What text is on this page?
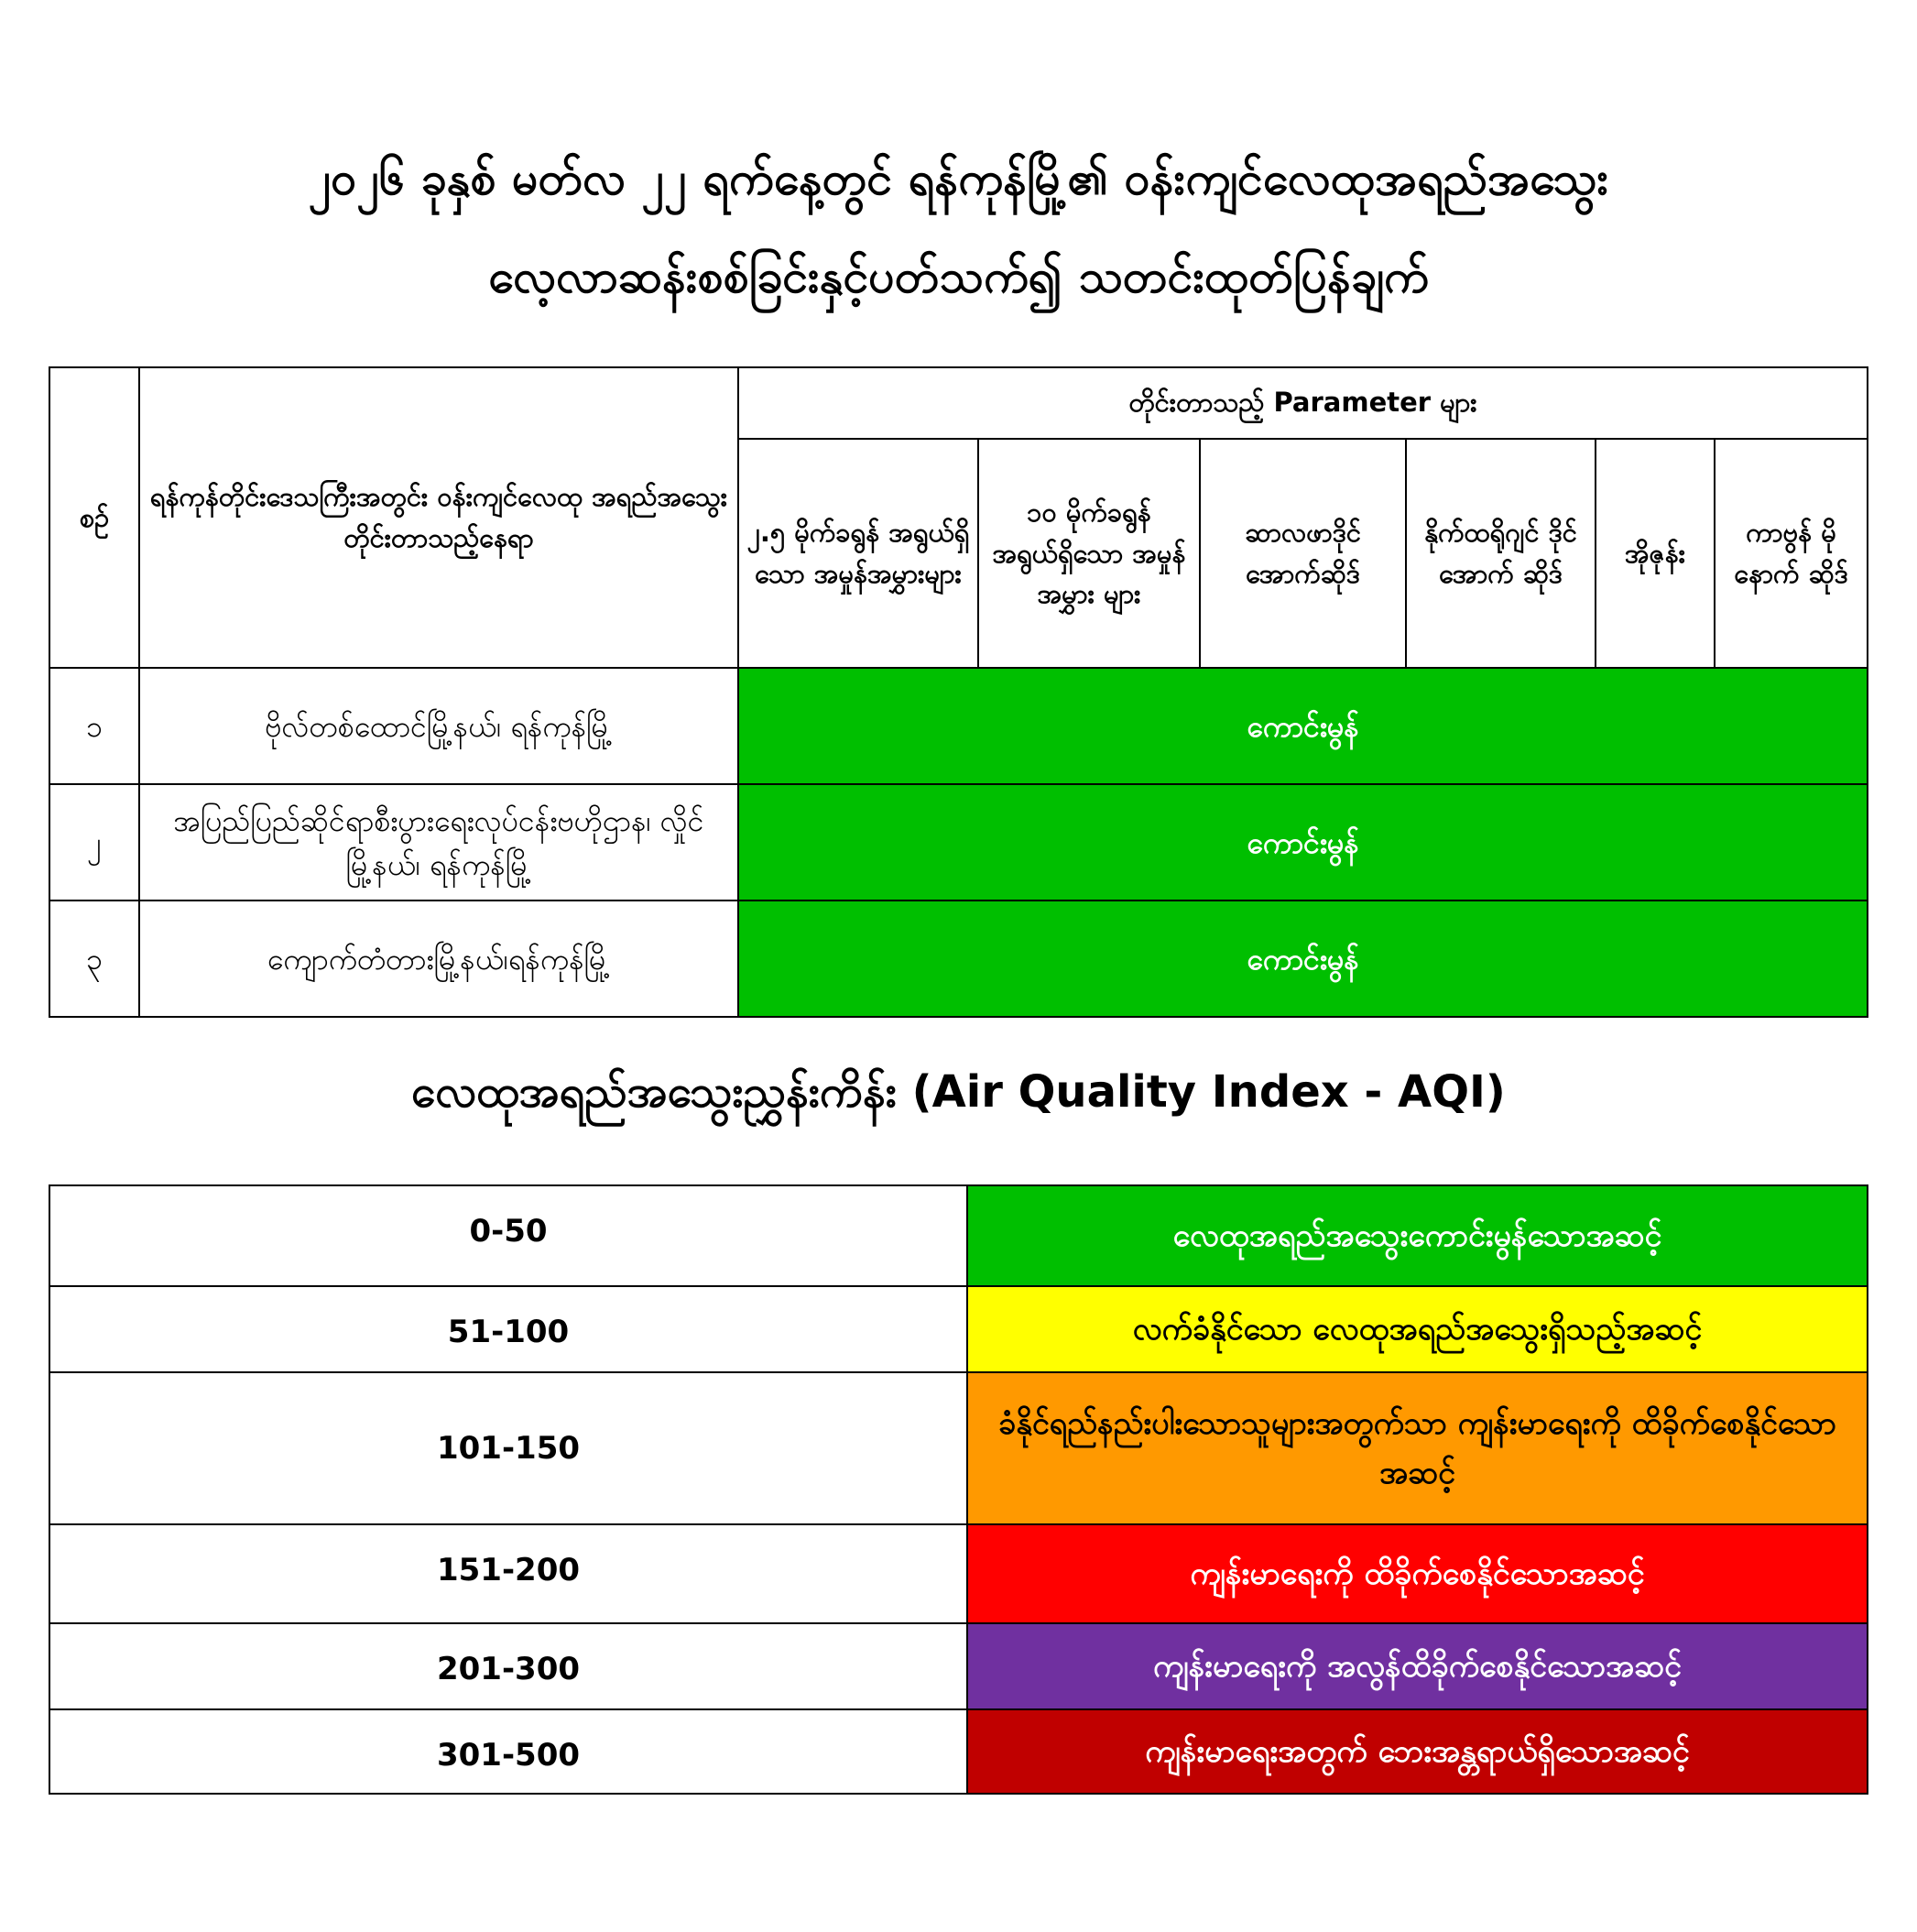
၂၀၂၆ ခုနှစ် မတ်လ ၂၂ ရက်နေ့တွင် ရန်ကုန်မြို့၏ ဝန်းကျင်လေထုအရည်အသွေး
လေ့လာဆန်းစစ်ခြင်းနှင့်ပတ်သက်၍ သတင်းထုတ်ပြန်ချက်
စဉ်	ရန်ကုန်တိုင်းဒေသကြီးအတွင်း ဝန်းကျင်လေထု အရည်အသွေး တိုင်းတာသည့်နေရာ	တိုင်းတာသည့် Parameter များ					
		၂.၅ မိုက်ခရွန် အရွယ်ရှိသော အမှုန်အမွှားများ	၁၀ မိုက်ခရွန် အရွယ်ရှိသော အမှုန်အမွှား များ	ဆာလဖာဒိုင် အောက်ဆိုဒ်	နိုက်ထရိုဂျင် ဒိုင်အောက် ဆိုဒ်	အိုဇုန်း	ကာဗွန် မိုနောက် ဆိုဒ်
၁	ဗိုလ်တစ်ထောင်မြို့နယ်၊ ရန်ကုန်မြို့	ကောင်းမွန်					
၂	အပြည်ပြည်ဆိုင်ရာစီးပွားရေးလုပ်ငန်းဗဟိုဌာန၊ လှိုင်မြို့နယ်၊ ရန်ကုန်မြို့	ကောင်းမွန်					
၃	ကျောက်တံတားမြို့နယ်၊ရန်ကုန်မြို့	ကောင်းမွန်					
လေထုအရည်အသွေးညွှန်းကိန်း (Air Quality Index - AQI)
0-50	လေထုအရည်အသွေးကောင်းမွန်သောအဆင့်
51-100	လက်ခံနိုင်သော လေထုအရည်အသွေးရှိသည့်အဆင့်
101-150	ခံနိုင်ရည်နည်းပါးသောသူများအတွက်သာ ကျန်းမာရေးကို ထိခိုက်စေနိုင်သောအဆင့်
151-200	ကျန်းမာရေးကို ထိခိုက်စေနိုင်သောအဆင့်
201-300	ကျန်းမာရေးကို အလွန်ထိခိုက်စေနိုင်သောအဆင့်
301-500	ကျန်းမာရေးအတွက် ဘေးအန္တရာယ်ရှိသောအဆင့်
